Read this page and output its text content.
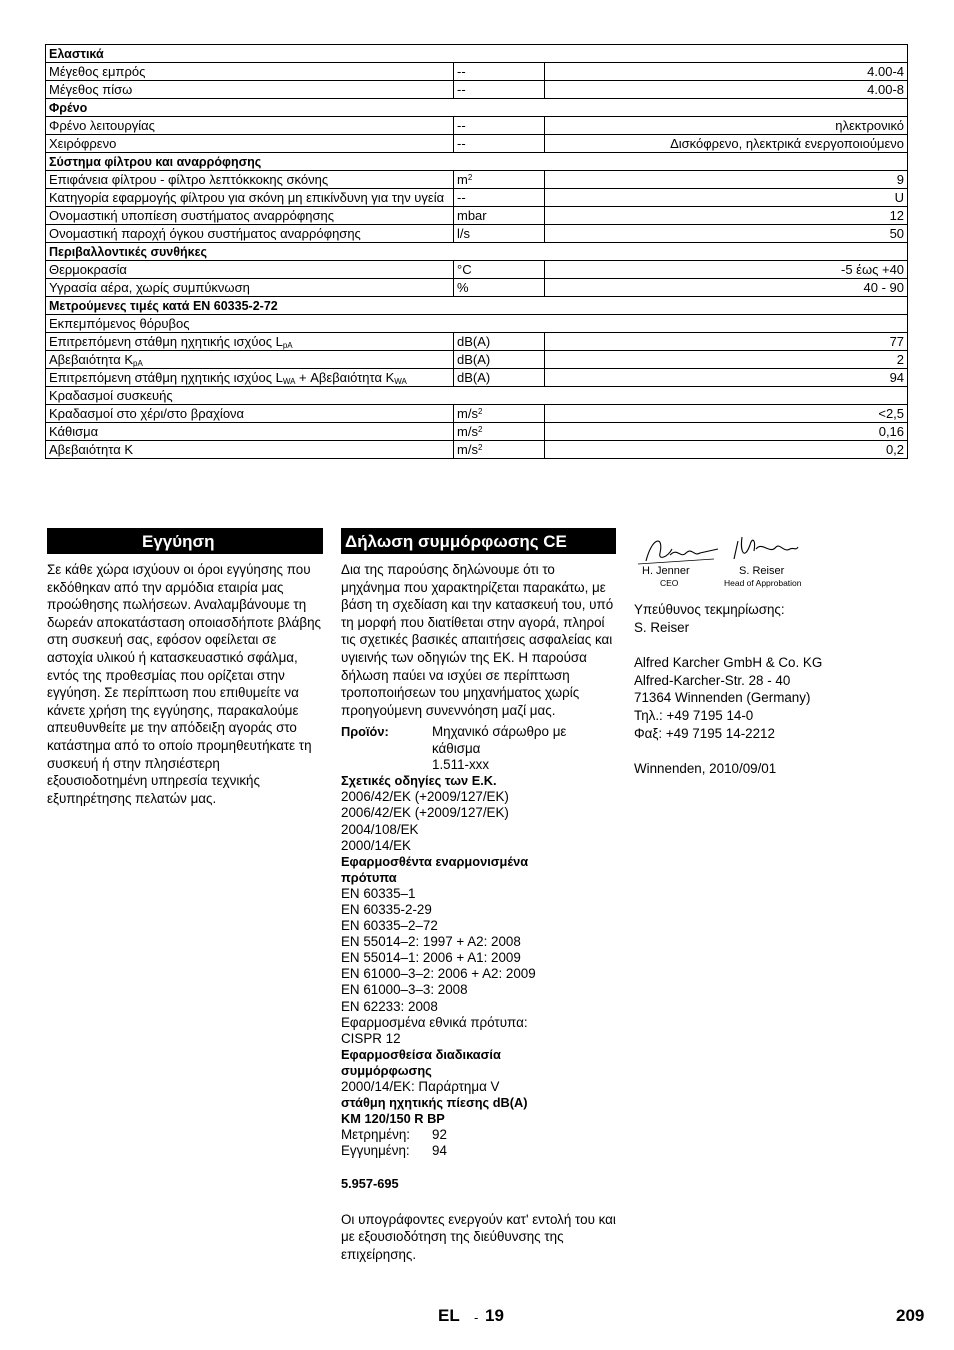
Ελαστικά		
Μέγεθος εμπρός	--	4.00-4
Μέγεθος πίσω	--	4.00-8
Φρένο		
Φρένο λειτουργίας	--	ηλεκτρονικό
Χειρόφρενο	--	Δισκόφρενο, ηλεκτρικά ενεργοποιούμενο
Σύστημα φίλτρου και αναρρόφησης		
Επιφάνεια φίλτρου - φίλτρο λεπτόκκοκης σκόνης	$m^2$	9
Κατηγορία εφαρμογής φίλτρου για σκόνη μη επικίνδυνη για την υγεία	--	U
Ονομαστική υποπίεση συστήματος αναρρόφησης	mbar	12
Ονομαστική παροχή όγκου συστήματος αναρρόφησης	l/s	50
Περιβαλλοντικές συνθήκες		
Θερμοκρασία	°C	-5 έως +40
Υγρασία αέρα, χωρίς συμπύκνωση	%	40 - 90
Μετρούμενες τιμές κατά EN 60335-2-72		
Εκπεμπόμενος θόρυβος		
Επιτρεπόμενη στάθμη ηχητικής ισχύος $L_{pA}$	dB(A)	77
Αβεβαιότητα $K_{pA}$	dB(A)	2
Επιτρεπόμενη στάθμη ηχητικής ισχύος $L_{WA} + A\beta\varepsilon\beta\alpha\iota ό\tau\eta\tau\alpha$ $K_{WA}$	dB(A)	94
Κραδασμοί συσκευής		
Κραδασμοί στο χέρι/στο βραχίονα	$m/s^2$	<2,5
Κάθισμα	$m/s^2$	0,16
Αβεβαιότητα K	$m/s^2$	0,2
Εγγύηση

Σε κάθε χώρα ισχύουν οι όροι εγγύησης που εκδόθηκαν από την αρμόδια εταιρία μας προώθησης πωλήσεων. Αναλαμβάνουμε τη δωρεάν αποκατάσταση οποιασδήποτε βλάβης στη συσκευή σας, εφόσον οφείλεται σε αστοχία υλικού ή κατασκευαστικό σφάλμα, εντός της προθεσμίας που ορίζεται στην εγγύηση. Σε περίπτωση που επιθυμείτε να κάνετε χρήση της εγγύησης, παρακαλούμε απευθυνθείτε με την απόδειξη αγοράς στο κατάστημα από το οποίο προμηθευτήκατε τη συσκευή ή στην πλησιέστερη εξουσιοδοτημένη υπηρεσία τεχνικής εξυπηρέτησης πελατών μας.

Δήλωση συμμόρφωσης CE

Δια της παρούσης δηλώνουμε ότι το μηχάνημα που χαρακτηρίζεται παρακάτω, με βάση τη σχεδίαση και την κατασκευή του, υπό τη μορφή που διατίθεται στην αγορά, πληροί τις σχετικές βασικές απαιτήσεις ασφαλείας και υγιεινής των οδηγιών της ΕΚ. Η παρούσα δήλωση παύει να ισχύει σε περίπτωση τροποποιήσεων του μηχανήματος χωρίς προηγούμενη συνεννόηση μαζί μας.

Προϊόν:	Μηχανικό σάρωθρο με κάθισμα
1.511-xxx
Σχετικές οδηγίες των Ε.Κ.
2006/42/ΕΚ (+2009/127/ΕΚ)
2006/42/ΕΚ (+2009/127/ΕΚ)
2004/108/ΕΚ
2000/14/ΕΚ
Εφαρμοσθέντα εναρμονισμένα πρότυπα
EN 60335–1
EN 60335-2-29
EN 60335–2–72
EN 55014–2: 1997 + A2: 2008
EN 55014–1: 2006 + A1: 2009
EN 61000–3–2: 2006 + A2: 2009
EN 61000–3–3: 2008
EN 62233: 2008
Εφαρμοσμένα εθνικά πρότυπα:
CISPR 12
Εφαρμοσθείσα διαδικασία συμμόρφωσης
2000/14/ΕΚ: Παράρτημα V
στάθμη ηχητικής πίεσης dB(A)
KM 120/150 R BP
Μετρημένη: 92
Εγγυημένη: 94
5.957-695

Οι υπογράφοντες ενεργούν κατ' εντολή του και με εξουσιοδότηση της διεύθυνσης της επιχείρησης.

H. Jenner
CEO
S. Reiser
Head of Approbation
Υπεύθυνος τεκμηρίωσης:
S. Reiser
Alfred Karcher GmbH & Co. KG
Alfred-Karcher-Str. 28 - 40
71364 Winnenden (Germany)
Τηλ.: +49 7195 14-0
Φαξ: +49 7195 14-2212
Winnenden, 2010/09/01
EL - 19	209
